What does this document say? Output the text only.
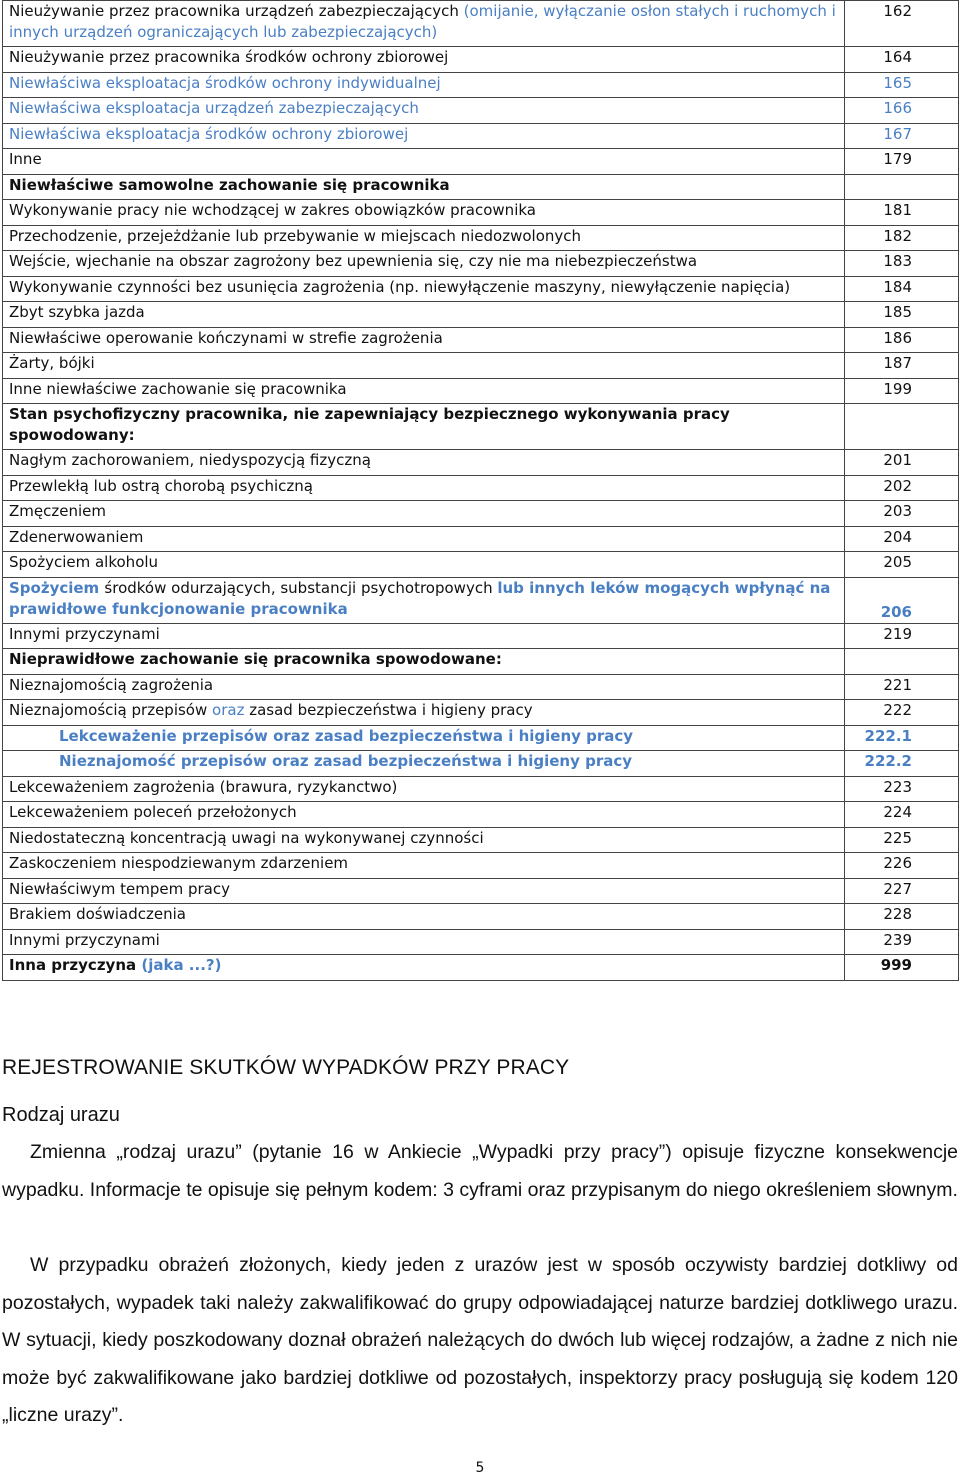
Nieużywanie przez pracownika urządzeń zabezpieczających (omijanie, wyłączanie osłon stałych i ruchomych i innych urządzeń ograniczających lub zabezpieczających)	162
Nieużywanie przez pracownika środków ochrony zbiorowej	164
Niewłaściwa eksploatacja środków ochrony indywidualnej	165
Niewłaściwa eksploatacja urządzeń zabezpieczających	166
Niewłaściwa eksploatacja środków ochrony zbiorowej	167
Inne	179
Niewłaściwe samowolne zachowanie się pracownika	
Wykonywanie pracy nie wchodzącej w zakres obowiązków pracownika	181
Przechodzenie, przejeżdżanie lub przebywanie w miejscach niedozwolonych	182
Wejście, wjechanie na obszar zagrożony bez upewnienia się, czy nie ma niebezpieczeństwa	183
Wykonywanie czynności bez usunięcia zagrożenia (np. niewyłączenie maszyny, niewyłączenie napięcia)	184
Zbyt szybka jazda	185
Niewłaściwe operowanie kończynami w strefie zagrożenia	186
Żarty, bójki	187
Inne niewłaściwe zachowanie się pracownika	199
Stan psychofizyczny pracownika, nie zapewniający bezpiecznego wykonywania pracy spowodowany:	
Nagłym zachorowaniem, niedyspozycją fizyczną	201
Przewlekłą lub ostrą chorobą psychiczną	202
Zmęczeniem	203
Zdenerwowaniem	204
Spożyciem alkoholu	205
Spożyciem środków odurzających, substancji psychotropowych lub innych leków mogących wpłynąć na prawidłowe funkcjonowanie pracownika	206
Innymi przyczynami	219
Nieprawidłowe zachowanie się pracownika spowodowane:	
Nieznajomością zagrożenia	221
Nieznajomością przepisów oraz zasad bezpieczeństwa i higieny pracy	222
Lekceważenie przepisów oraz zasad bezpieczeństwa i higieny pracy	222.1
Nieznajomość przepisów oraz zasad bezpieczeństwa i higieny pracy	222.2
Lekceważeniem zagrożenia (brawura, ryzykanctwo)	223
Lekceważeniem poleceń przełożonych	224
Niedostateczną koncentracją uwagi na wykonywanej czynności	225
Zaskoczeniem niespodziewanym zdarzeniem	226
Niewłaściwym tempem pracy	227
Brakiem doświadczenia	228
Innymi przyczynami	239
Inna przyczyna (jaka ...?)	999
REJESTROWANIE SKUTKÓW WYPADKÓW PRZY PRACY
Rodzaj urazu

Zmienna „rodzaj urazu” (pytanie 16 w Ankiecie „Wypadki przy pracy”) opisuje fizyczne konsekwencje wypadku. Informacje te opisuje się pełnym kodem: 3 cyframi oraz przypisanym do niego określeniem słownym.

W przypadku obrażeń złożonych, kiedy jeden z urazów jest w sposób oczywisty bardziej dotkliwy od pozostałych, wypadek taki należy zakwalifikować do grupy odpowiadającej naturze bardziej dotkliwego urazu. W sytuacji, kiedy poszkodowany doznał obrażeń należących do dwóch lub więcej rodzajów, a żadne z nich nie może być zakwalifikowane jako bardziej dotkliwe od pozostałych, inspektorzy pracy posługują się kodem 120 „liczne urazy”.

5
